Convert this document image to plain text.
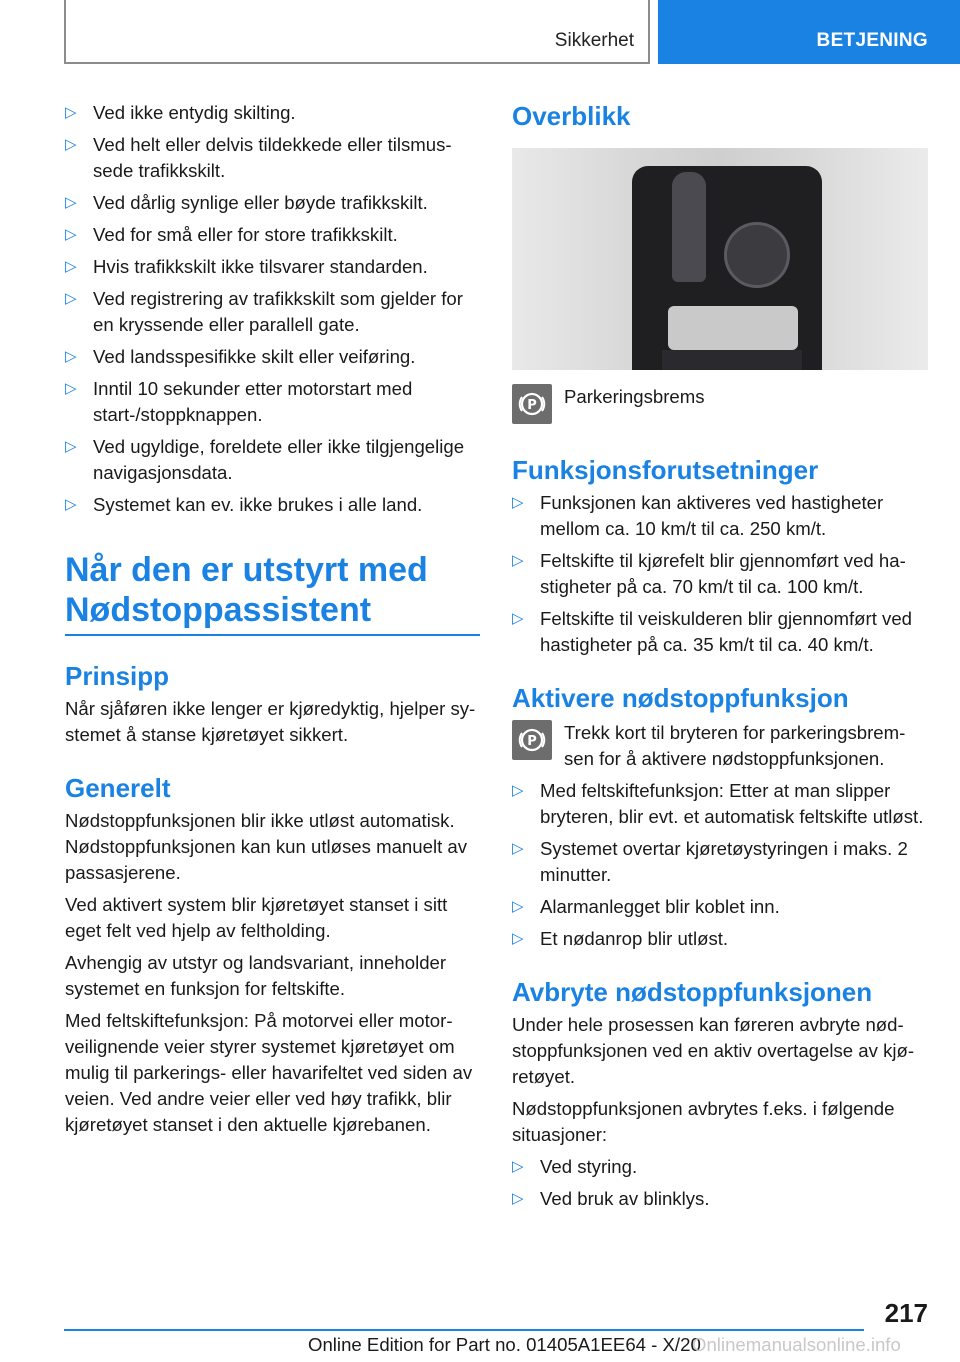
Sikkerhet	BETJENING
▷ Ved ikke entydig skilting.
▷ Ved helt eller delvis tildekkede eller tilsmussede trafikkskilt.
▷ Ved dårlig synlige eller bøyde trafikkskilt.
▷ Ved for små eller for store trafikkskilt.
▷ Hvis trafikkskilt ikke tilsvarer standarden.
▷ Ved registrering av trafikkskilt som gjelder for en kryssende eller parallell gate.
▷ Ved landsspesifikke skilt eller veiføring.
▷ Inntil 10 sekunder etter motorstart med start-/stoppknappen.
▷ Ved ugyldige, foreldete eller ikke tilgjengelige navigasjonsdata.
▷ Systemet kan ev. ikke brukes i alle land.
Når den er utstyrt med Nødstoppassistent
Prinsipp

Når sjåføren ikke lenger er kjøredyktig, hjelper systemet å stanse kjøretøyet sikkert.

Generelt

Nødstoppfunksjonen blir ikke utløst automatisk. Nødstoppfunksjonen kan kun utløses manuelt av passasjerene.

Ved aktivert system blir kjøretøyet stanset i sitt eget felt ved hjelp av feltholding.

Avhengig av utstyr og landsvariant, inneholder systemet en funksjon for feltskifte.

Med feltskiftefunksjon: På motorvei eller motorveilignende veier styrer systemet kjøretøyet om mulig til parkerings- eller havarifeltet ved siden av veien. Ved andre veier eller ved høy trafikk, blir kjøretøyet stanset i den aktuelle kjørebanen.

Overblikk
P Parkeringsbrems
Funksjonsforutsetninger
▷ Funksjonen kan aktiveres ved hastigheter mellom ca. 10 km/t til ca. 250 km/t.
▷ Feltskifte til kjørefelt blir gjennomført ved hastigheter på ca. 70 km/t til ca. 100 km/t.
▷ Feltskifte til veiskulderen blir gjennomført ved hastigheter på ca. 35 km/t til ca. 40 km/t.
Aktivere nødstoppfunksjon
P Trekk kort til bryteren for parkeringsbremsen for å aktivere nødstoppfunksjonen.
▷ Med feltskiftefunksjon: Etter at man slipper bryteren, blir evt. et automatisk feltskifte utløst.
▷ Systemet overtar kjøretøystyringen i maks. 2 minutter.
▷ Alarmanlegget blir koblet inn.
▷ Et nødanrop blir utløst.
Avbryte nødstoppfunksjonen

Under hele prosessen kan føreren avbryte nødstoppfunksjonen ved en aktiv overtagelse av kjøretøyet.

Nødstoppfunksjonen avbrytes f.eks. i følgende situasjoner:

▷ Ved styring.
▷ Ved bruk av blinklys.
217
Online Edition for Part no. 01405A1EE64 - X/20
Onlinemanualsonline.info
